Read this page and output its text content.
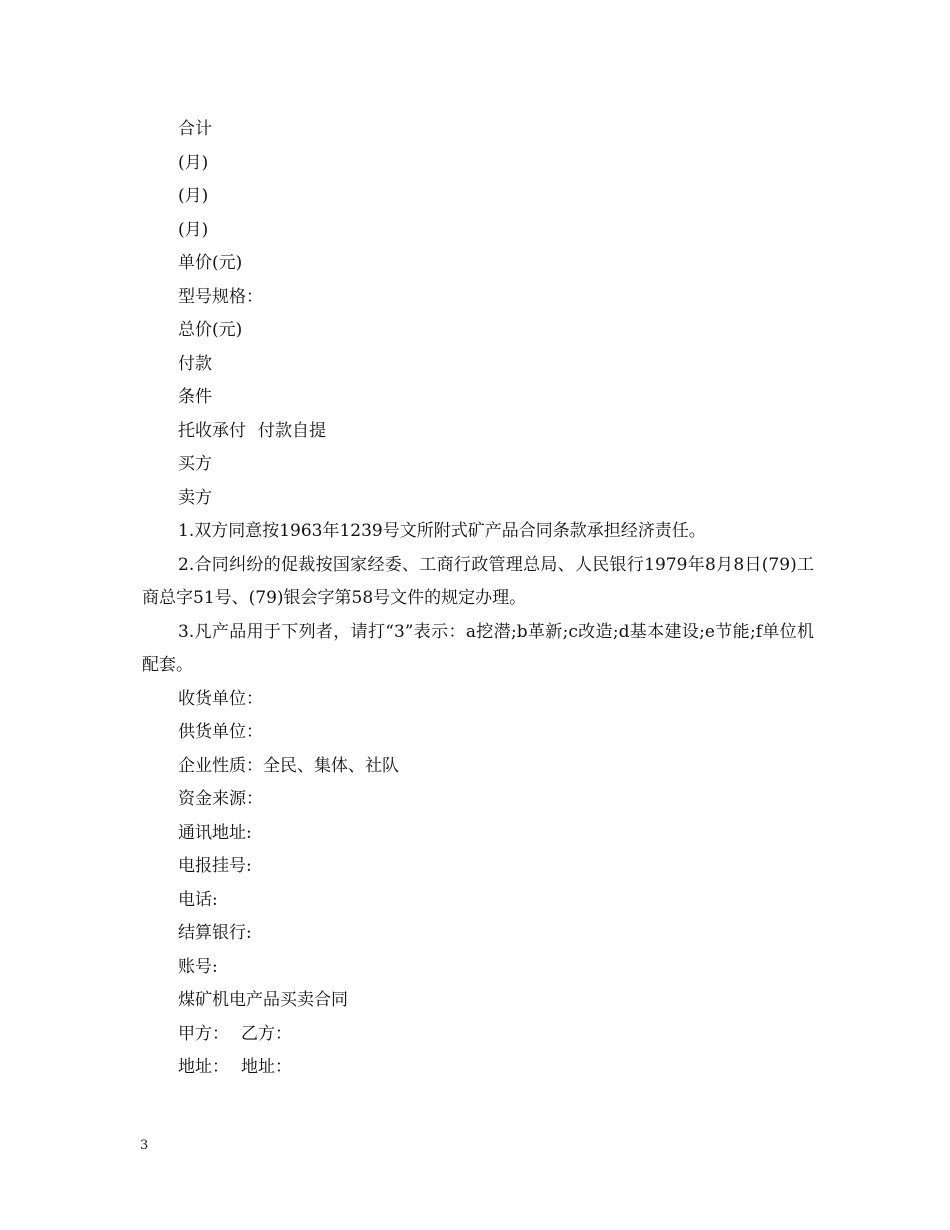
合计
(月)
(月)
(月)
单价(元)
型号规格：
总价(元)
付款
条件
托收承付 付款自提
买方
卖方

1.双方同意按1963年1239号文所附式矿产品合同条款承担经济责任。

2.合同纠纷的促裁按国家经委、工商行政管理总局、人民银行1979年8月8日(79)工商总字51号、(79)银会字第58号文件的规定办理。

3.凡产品用于下列者，请打“3”表示：a挖潜;b革新;c改造;d基本建设;e节能;f单位机配套。

收货单位：
供货单位：
企业性质：全民、集体、社队
资金来源：
通讯地址:
电报挂号:
电话:
结算银行:
账号:
煤矿机电产品买卖合同
甲方： 乙方：
地址： 地址：
3
